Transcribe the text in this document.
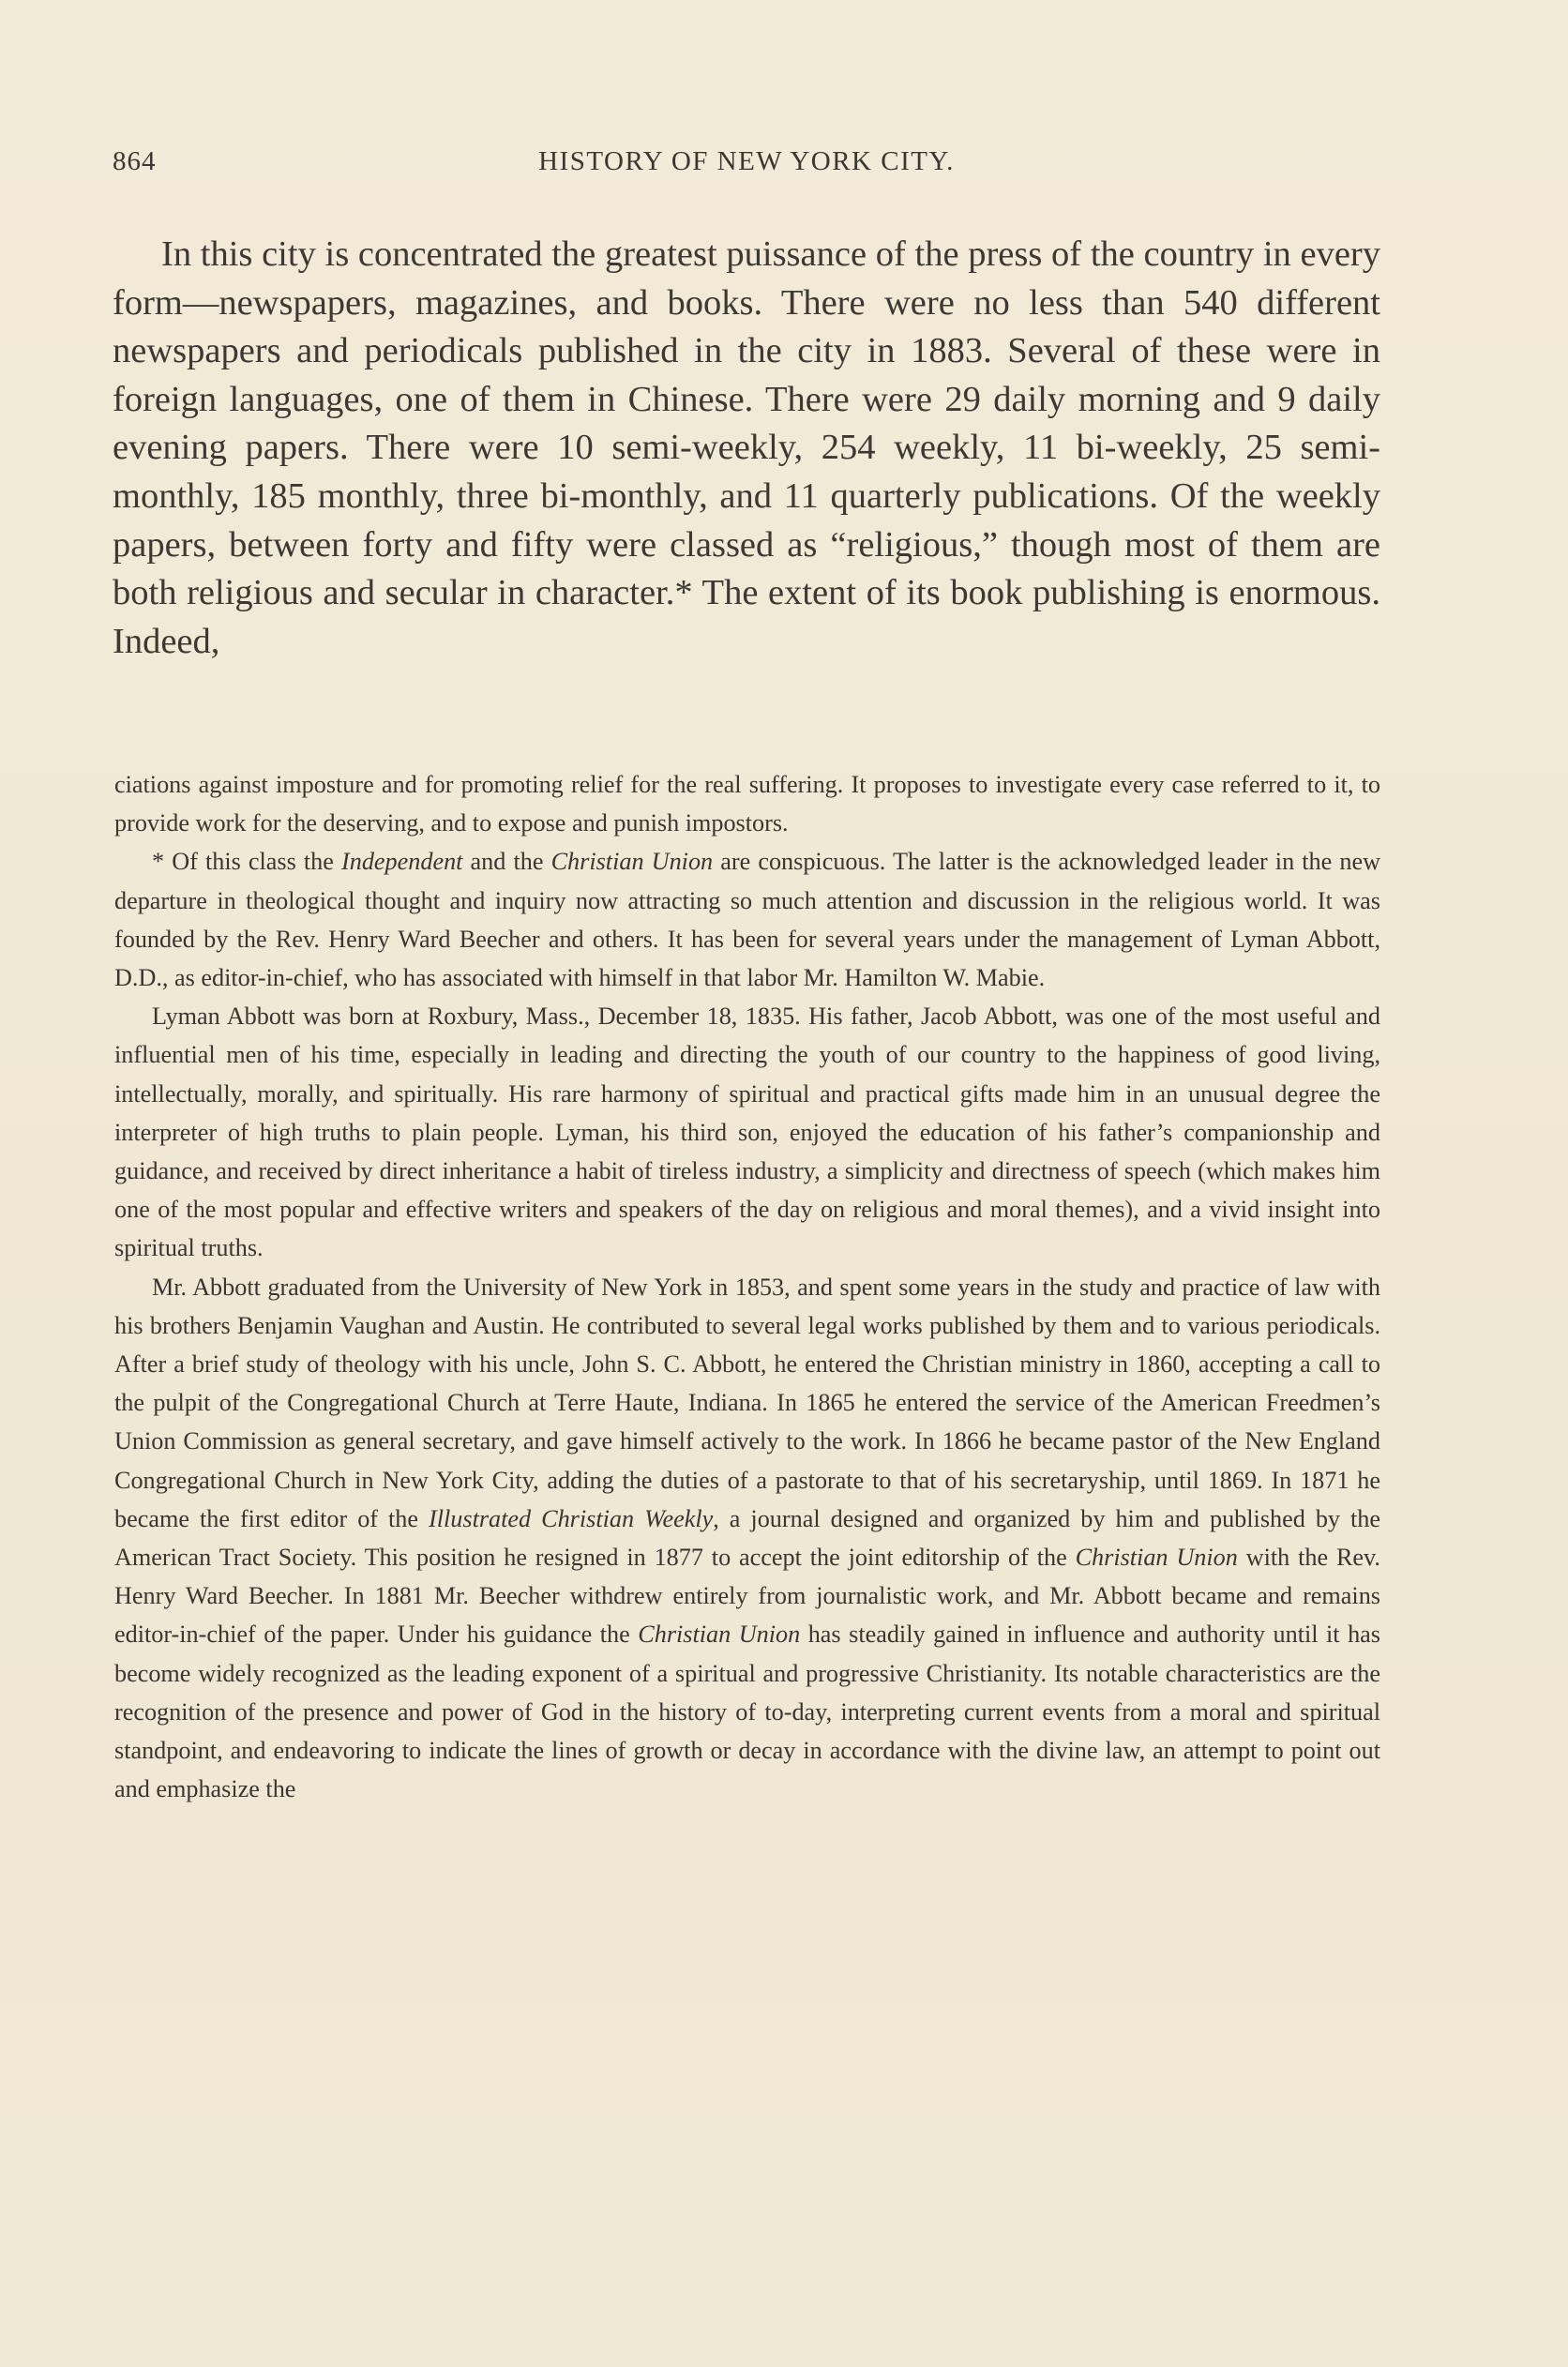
864	HISTORY OF NEW YORK CITY.

In this city is concentrated the greatest puissance of the press of the country in every form—newspapers, magazines, and books. There were no less than 540 different newspapers and periodicals published in the city in 1883. Several of these were in foreign languages, one of them in Chinese. There were 29 daily morning and 9 daily evening papers. There were 10 semi-weekly, 254 weekly, 11 bi-weekly, 25 semi-monthly, 185 monthly, three bi-monthly, and 11 quarterly publications. Of the weekly papers, between forty and fifty were classed as “religious,” though most of them are both religious and secular in character.* The extent of its book publishing is enormous. Indeed,

ciations against imposture and for promoting relief for the real suffering. It proposes to investigate every case referred to it, to provide work for the deserving, and to expose and punish impostors.

* Of this class the Independent and the Christian Union are conspicuous. The latter is the acknowledged leader in the new departure in theological thought and inquiry now attracting so much attention and discussion in the religious world. It was founded by the Rev. Henry Ward Beecher and others. It has been for several years under the management of Lyman Abbott, D.D., as editor-in-chief, who has associated with himself in that labor Mr. Hamilton W. Mabie.

Lyman Abbott was born at Roxbury, Mass., December 18, 1835. His father, Jacob Abbott, was one of the most useful and influential men of his time, especially in leading and directing the youth of our country to the happiness of good living, intellectually, morally, and spiritually. His rare harmony of spiritual and practical gifts made him in an unusual degree the interpreter of high truths to plain people. Lyman, his third son, enjoyed the education of his father’s companionship and guidance, and received by direct inheritance a habit of tireless industry, a simplicity and directness of speech (which makes him one of the most popular and effective writers and speakers of the day on religious and moral themes), and a vivid insight into spiritual truths.

Mr. Abbott graduated from the University of New York in 1853, and spent some years in the study and practice of law with his brothers Benjamin Vaughan and Austin. He contributed to several legal works published by them and to various periodicals. After a brief study of theology with his uncle, John S. C. Abbott, he entered the Christian ministry in 1860, accepting a call to the pulpit of the Congregational Church at Terre Haute, Indiana. In 1865 he entered the service of the American Freedmen’s Union Commission as general secretary, and gave himself actively to the work. In 1866 he became pastor of the New England Congregational Church in New York City, adding the duties of a pastorate to that of his secretaryship, until 1869. In 1871 he became the first editor of the Illustrated Christian Weekly, a journal designed and organized by him and published by the American Tract Society. This position he resigned in 1877 to accept the joint editorship of the Christian Union with the Rev. Henry Ward Beecher. In 1881 Mr. Beecher withdrew entirely from journalistic work, and Mr. Abbott became and remains editor-in-chief of the paper. Under his guidance the Christian Union has steadily gained in influence and authority until it has become widely recognized as the leading exponent of a spiritual and progressive Christianity. Its notable characteristics are the recognition of the presence and power of God in the history of to-day, interpreting current events from a moral and spiritual standpoint, and endeavoring to indicate the lines of growth or decay in accordance with the divine law, an attempt to point out and emphasize the
